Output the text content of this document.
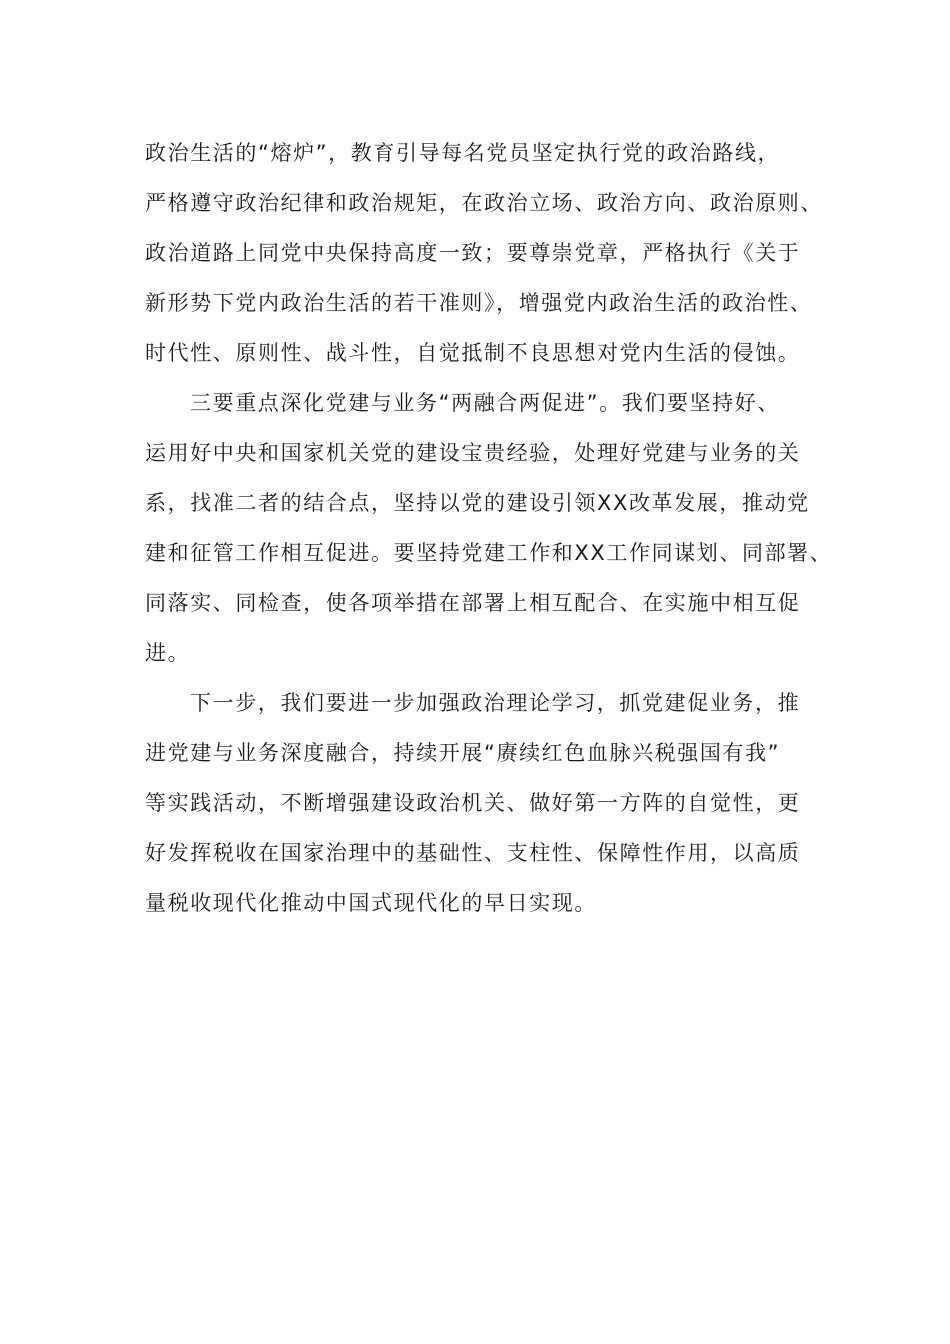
政治生活的“熔炉”，教育引导每名党员坚定执行党的政治路线，
严格遵守政治纪律和政治规矩，在政治立场、政治方向、政治原则、
政治道路上同党中央保持高度一致；要尊崇党章，严格执行《关于
新形势下党内政治生活的若干准则》，增强党内政治生活的政治性、
时代性、原则性、战斗性，自觉抵制不良思想对党内生活的侵蚀。
三要重点深化党建与业务“两融合两促进”。我们要坚持好、
运用好中央和国家机关党的建设宝贵经验，处理好党建与业务的关
系，找准二者的结合点，坚持以党的建设引领XX改革发展，推动党
建和征管工作相互促进。要坚持党建工作和XX工作同谋划、同部署、
同落实、同检查，使各项举措在部署上相互配合、在实施中相互促
进。
下一步，我们要进一步加强政治理论学习，抓党建促业务，推
进党建与业务深度融合，持续开展“赓续红色血脉兴税强国有我”
等实践活动，不断增强建设政治机关、做好第一方阵的自觉性，更
好发挥税收在国家治理中的基础性、支柱性、保障性作用，以高质
量税收现代化推动中国式现代化的早日实现。
